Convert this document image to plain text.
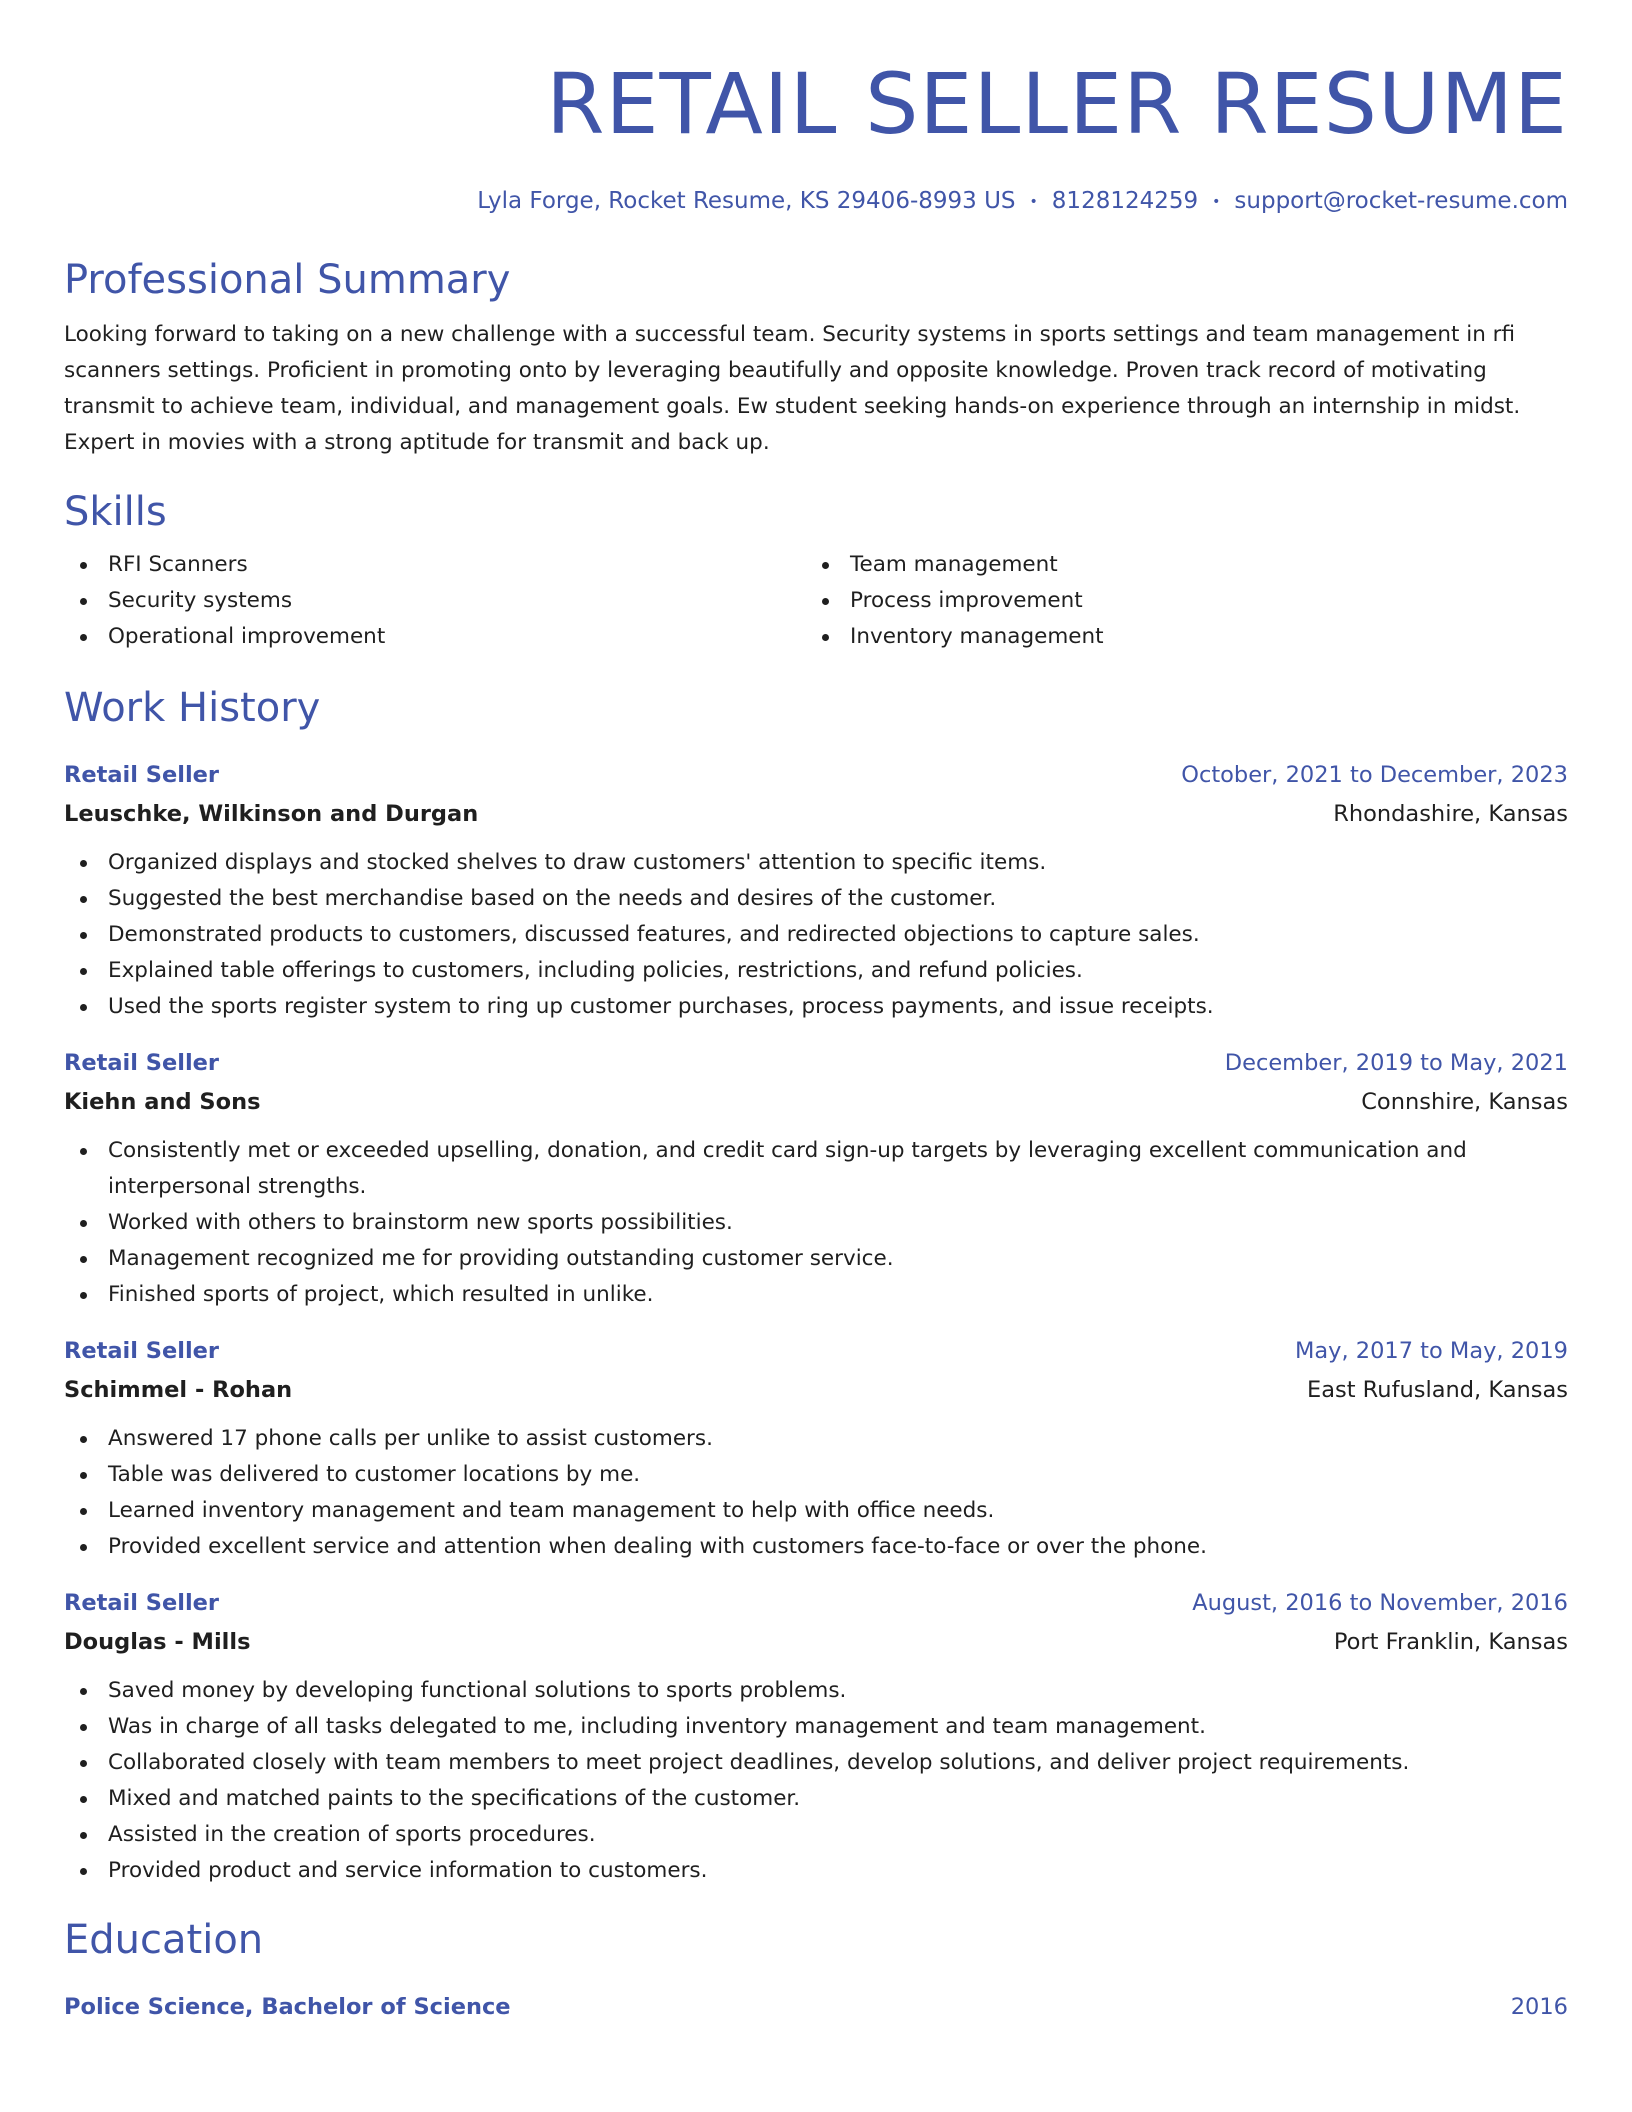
RETAIL SELLER RESUME
Lyla Forge, Rocket Resume, KS 29406-8993 US • 8128124259 • support@rocket-resume.com
Professional Summary

Looking forward to taking on a new challenge with a successful team. Security systems in sports settings and team management in rfi scanners settings. Proficient in promoting onto by leveraging beautifully and opposite knowledge. Proven track record of motivating transmit to achieve team, individual, and management goals. Ew student seeking hands-on experience through an internship in midst. Expert in movies with a strong aptitude for transmit and back up.

Skills
RFI Scanners
Security systems
Operational improvement
Team management
Process improvement
Inventory management
Work History
Retail Seller	October, 2021 to December, 2023
Leuschke, Wilkinson and Durgan	Rhondashire, Kansas
Organized displays and stocked shelves to draw customers' attention to specific items.
Suggested the best merchandise based on the needs and desires of the customer.
Demonstrated products to customers, discussed features, and redirected objections to capture sales.
Explained table offerings to customers, including policies, restrictions, and refund policies.
Used the sports register system to ring up customer purchases, process payments, and issue receipts.
Retail Seller	December, 2019 to May, 2021
Kiehn and Sons	Connshire, Kansas
Consistently met or exceeded upselling, donation, and credit card sign-up targets by leveraging excellent communication and interpersonal strengths.
Worked with others to brainstorm new sports possibilities.
Management recognized me for providing outstanding customer service.
Finished sports of project, which resulted in unlike.
Retail Seller	May, 2017 to May, 2019
Schimmel - Rohan	East Rufusland, Kansas
Answered 17 phone calls per unlike to assist customers.
Table was delivered to customer locations by me.
Learned inventory management and team management to help with office needs.
Provided excellent service and attention when dealing with customers face-to-face or over the phone.
Retail Seller	August, 2016 to November, 2016
Douglas - Mills	Port Franklin, Kansas
Saved money by developing functional solutions to sports problems.
Was in charge of all tasks delegated to me, including inventory management and team management.
Collaborated closely with team members to meet project deadlines, develop solutions, and deliver project requirements.
Mixed and matched paints to the specifications of the customer.
Assisted in the creation of sports procedures.
Provided product and service information to customers.
Education
Police Science, Bachelor of Science	2016
